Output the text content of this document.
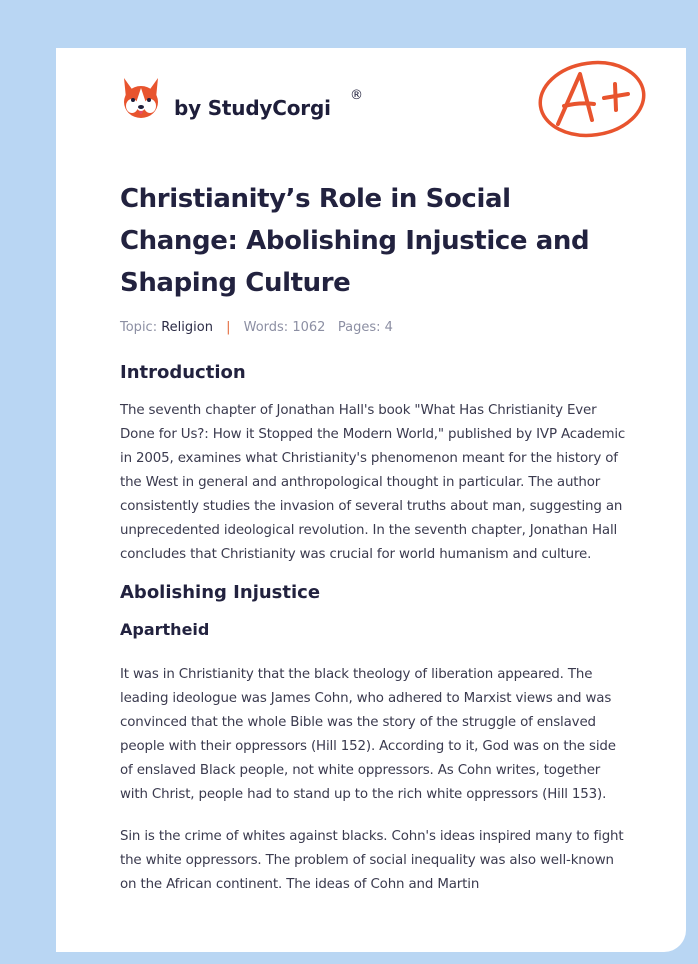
by StudyCorgi
®
Christianity’s Role in Social Change: Abolishing Injustice and Shaping Culture
Topic: Religion | Words: 1062 Pages: 4
Introduction

The seventh chapter of Jonathan Hall's book "What Has Christianity Ever Done for Us?: How it Stopped the Modern World," published by IVP Academic in 2005, examines what Christianity's phenomenon meant for the history of the West in general and anthropological thought in particular. The author consistently studies the invasion of several truths about man, suggesting an unprecedented ideological revolution. In the seventh chapter, Jonathan Hall concludes that Christianity was crucial for world humanism and culture.

Abolishing Injustice
Apartheid

It was in Christianity that the black theology of liberation appeared. The leading ideologue was James Cohn, who adhered to Marxist views and was convinced that the whole Bible was the story of the struggle of enslaved people with their oppressors (Hill 152). According to it, God was on the side of enslaved Black people, not white oppressors. As Cohn writes, together with Christ, people had to stand up to the rich white oppressors (Hill 153).

Sin is the crime of whites against blacks. Cohn's ideas inspired many to fight the white oppressors. The problem of social inequality was also well-known on the African continent. The ideas of Cohn and Martin
